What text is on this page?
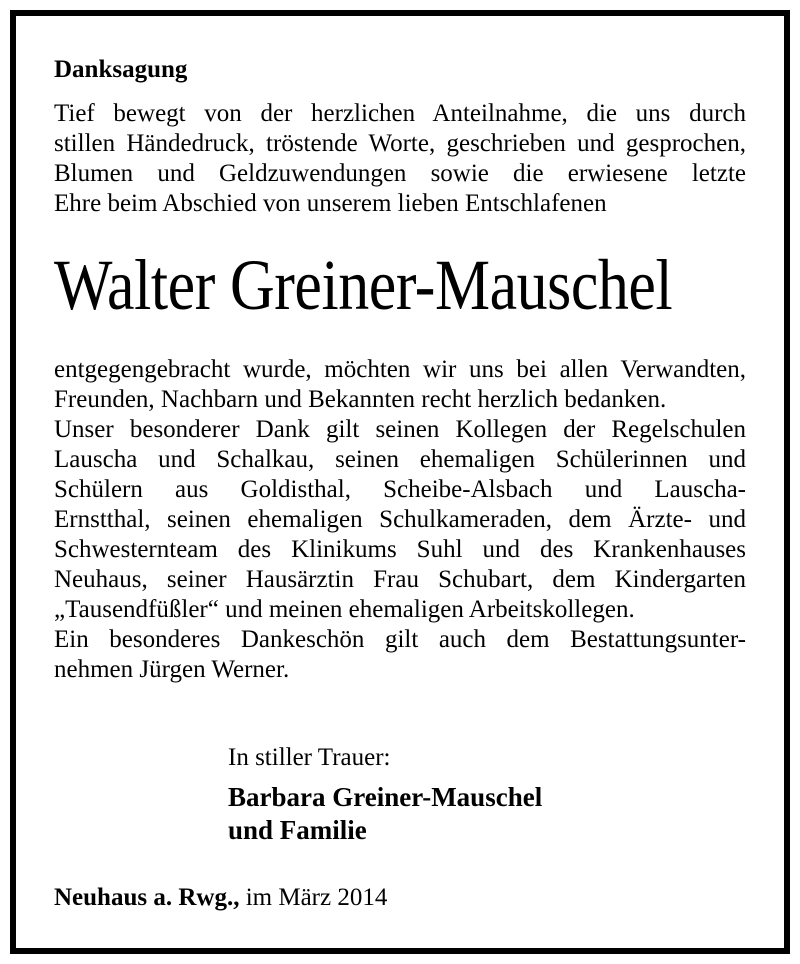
Danksagung
Tief bewegt von der herzlichen Anteilnahme, die uns durch
stillen Händedruck, tröstende Worte, geschrieben und gesprochen,
Blumen und Geldzuwendungen sowie die erwiesene letzte
Ehre beim Abschied von unserem lieben Entschlafenen
Walter Greiner-Mauschel
entgegengebracht wurde, möchten wir uns bei allen Verwandten,
Freunden, Nachbarn und Bekannten recht herzlich bedanken.
Unser besonderer Dank gilt seinen Kollegen der Regelschulen
Lauscha und Schalkau, seinen ehemaligen Schülerinnen und
Schülern aus Goldisthal, Scheibe-Alsbach und Lauscha-
Ernstthal, seinen ehemaligen Schulkameraden, dem Ärzte- und
Schwesternteam des Klinikums Suhl und des Krankenhauses
Neuhaus, seiner Hausärztin Frau Schubart, dem Kindergarten
„Tausendfüßler“ und meinen ehemaligen Arbeitskollegen.
Ein besonderes Dankeschön gilt auch dem Bestattungsunter-
nehmen Jürgen Werner.
In stiller Trauer:
Barbara Greiner-Mauschel
und Familie
Neuhaus a. Rwg., im März 2014
